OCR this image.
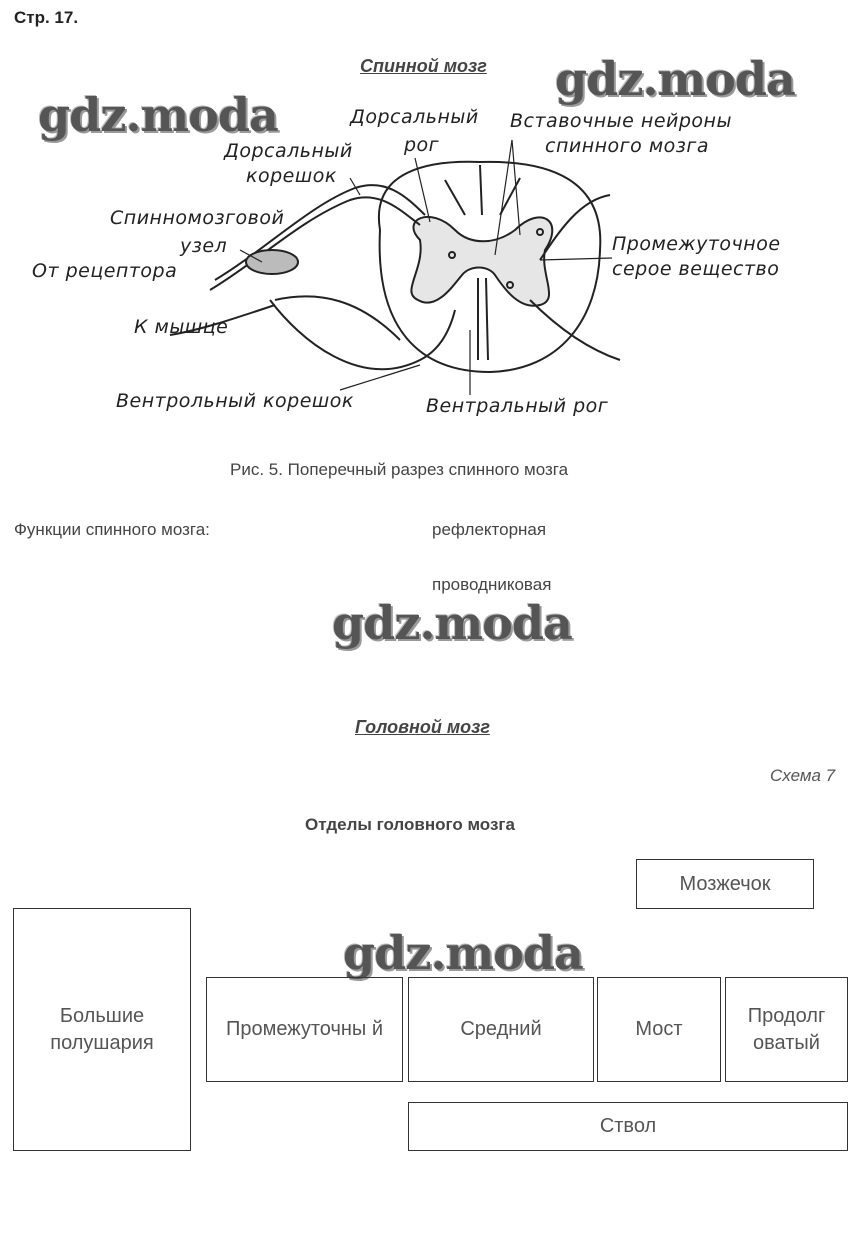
Стр. 17.
Спинной мозг gdz.moda
gdz.moda	Дорсальный
рог
Вставочные нейроны
спинного мозга
Дорсальный
корешок
Спинномозговой
узел
От рецептора
Промежуточное
серое вещество
К мышце
Вентрольный корешок	Вентральный рог
Рис. 5. Поперечный разрез спинного мозга
Функции спинного мозга:	рефлекторная
проводниковая
gdz.moda
Головной мозг
Схема 7
Отделы головного мозга
Мозжечок
Большие полушария
gdz.moda
Промежуточны й	Средний	Мост
Продолг оватый
Ствол
